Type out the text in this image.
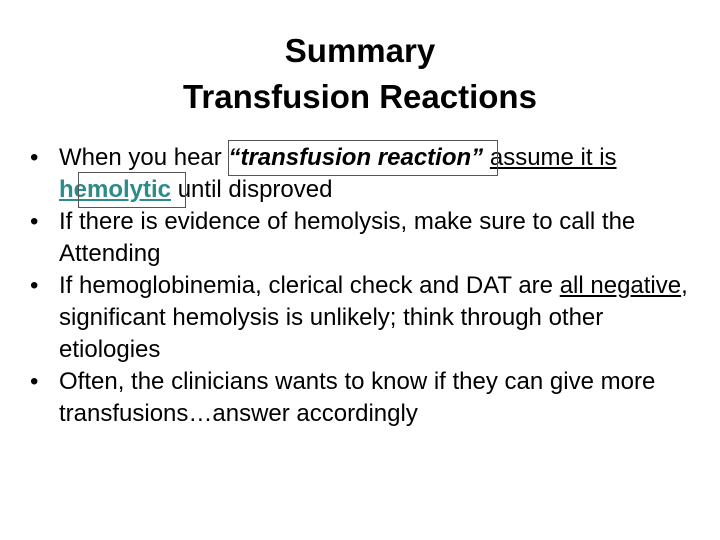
Summary
Transfusion Reactions
• When you hear “transfusion reaction” assume it is hemolytic until disproved
• If there is evidence of hemolysis, make sure to call the Attending
• If hemoglobinemia, clerical check and DAT are all negative, significant hemolysis is unlikely; think through other etiologies
• Often, the clinicians wants to know if they can give more transfusions…answer accordingly
